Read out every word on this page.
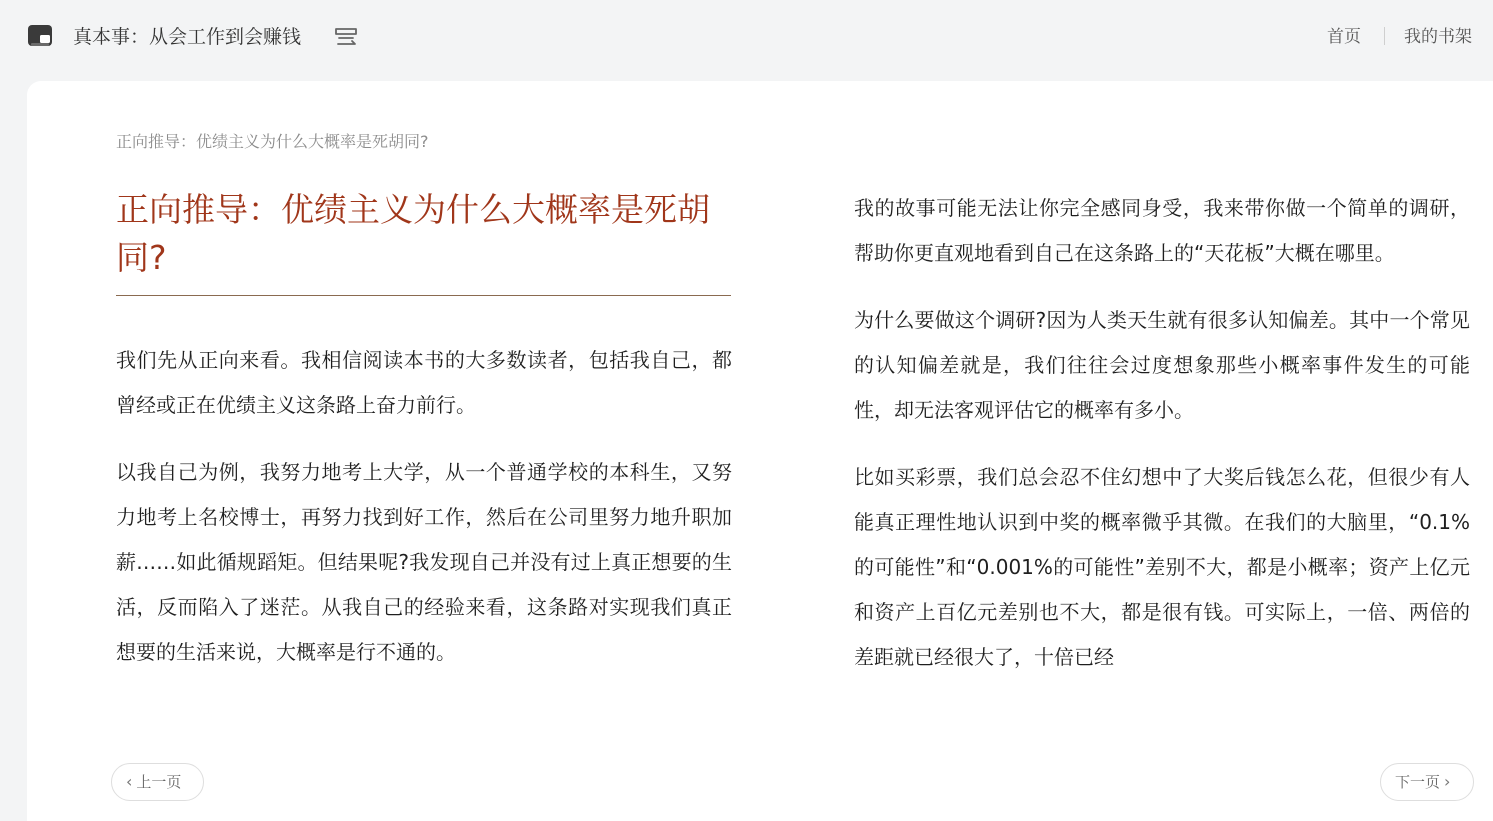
真本事：从会工作到会赚钱	首页	我的书架
正向推导：优绩主义为什么大概率是死胡同?
正向推导：优绩主义为什么大概率是死胡同?

我们先从正向来看。我相信阅读本书的大多数读者，包括我自己，都曾经或正在优绩主义这条路上奋力前行。

以我自己为例，我努力地考上大学，从一个普通学校的本科生，又努力地考上名校博士，再努力找到好工作，然后在公司里努力地升职加薪……如此循规蹈矩。但结果呢?我发现自己并没有过上真正想要的生活，反而陷入了迷茫。从我自己的经验来看，这条路对实现我们真正想要的生活来说，大概率是行不通的。

我的故事可能无法让你完全感同身受，我来带你做一个简单的调研，帮助你更直观地看到自己在这条路上的“天花板”大概在哪里。

为什么要做这个调研?因为人类天生就有很多认知偏差。其中一个常见的认知偏差就是，我们往往会过度想象那些小概率事件发生的可能性，却无法客观评估它的概率有多小。

比如买彩票，我们总会忍不住幻想中了大奖后钱怎么花，但很少有人能真正理性地认识到中奖的概率微乎其微。在我们的大脑里，“0.1%的可能性”和“0.001%的可能性”差别不大，都是小概率；资产上亿元和资产上百亿元差别也不大，都是很有钱。可实际上，一倍、两倍的差距就已经很大了，十倍已经

‹ 上一页	下一页 ›
